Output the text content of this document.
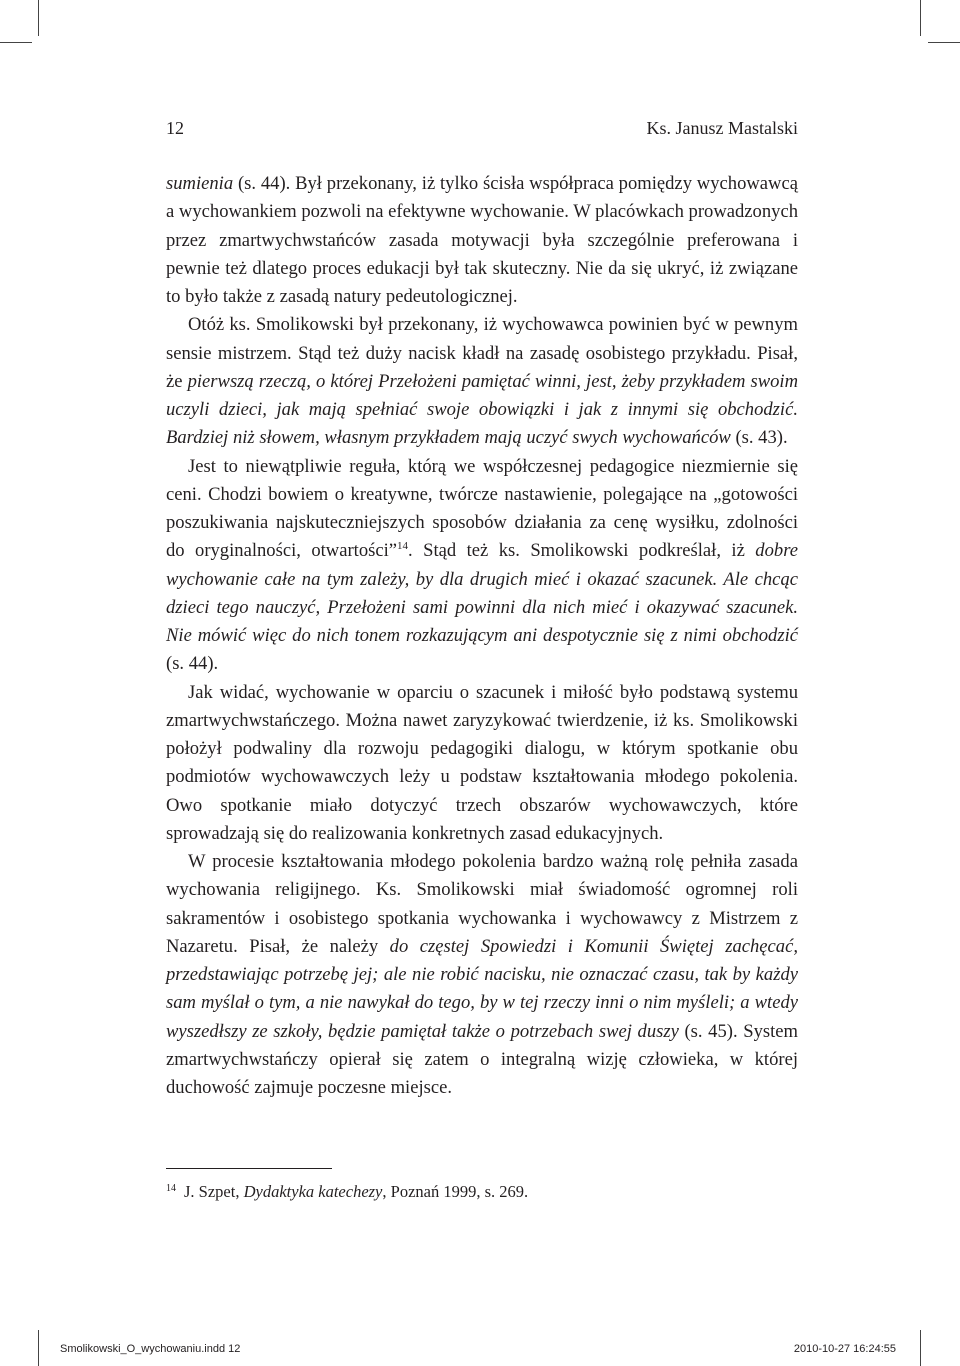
12	Ks. Janusz Mastalski

sumienia (s. 44). Był przekonany, iż tylko ścisła współpraca pomiędzy wychowawcą a wychowankiem pozwoli na efektywne wychowanie. W placówkach prowadzonych przez zmartwychwstańców zasada motywacji była szczególnie preferowana i pewnie też dlatego proces edukacji był tak skuteczny. Nie da się ukryć, iż związane to było także z zasadą natury pedeutologicznej.

Otóż ks. Smolikowski był przekonany, iż wychowawca powinien być w pewnym sensie mistrzem. Stąd też duży nacisk kładł na zasadę osobistego przykładu. Pisał, że pierwszą rzeczą, o której Przełożeni pamiętać winni, jest, żeby przykładem swoim uczyli dzieci, jak mają spełniać swoje obowiązki i jak z innymi się obchodzić. Bardziej niż słowem, własnym przykładem mają uczyć swych wychowańców (s. 43).

Jest to niewątpliwie reguła, którą we współczesnej pedagogice niezmiernie się ceni. Chodzi bowiem o kreatywne, twórcze nastawienie, polegające na „gotowości poszukiwania najskuteczniejszych sposobów działania za cenę wysiłku, zdolności do oryginalności, otwartości”$^{14}$. Stąd też ks. Smolikowski podkreślał, iż dobre wychowanie całe na tym zależy, by dla drugich mieć i okazać szacunek. Ale chcąc dzieci tego nauczyć, Przełożeni sami powinni dla nich mieć i okazywać szacunek. Nie mówić więc do nich tonem rozkazującym ani despotycznie się z nimi obchodzić (s. 44).

Jak widać, wychowanie w oparciu o szacunek i miłość było podstawą systemu zmartwychwstańczego. Można nawet zaryzykować twierdzenie, iż ks. Smolikowski położył podwaliny dla rozwoju pedagogiki dialogu, w którym spotkanie obu podmiotów wychowawczych leży u podstaw kształtowania młodego pokolenia. Owo spotkanie miało dotyczyć trzech obszarów wychowawczych, które sprowadzają się do realizowania konkretnych zasad edukacyjnych.

W procesie kształtowania młodego pokolenia bardzo ważną rolę pełniła zasada wychowania religijnego. Ks. Smolikowski miał świadomość ogromnej roli sakramentów i osobistego spotkania wychowanka i wychowawcy z Mistrzem z Nazaretu. Pisał, że należy do częstej Spowiedzi i Komunii Świętej zachęcać, przedstawiając potrzebę jej; ale nie robić nacisku, nie oznaczać czasu, tak by każdy sam myślał o tym, a nie nawykał do tego, by w tej rzeczy inni o nim myśleli; a wtedy wyszedłszy ze szkoły, będzie pamiętał także o potrzebach swej duszy (s. 45). System zmartwychwstańczy opierał się zatem o integralną wizję człowieka, w której duchowość zajmuje poczesne miejsce.

$^{14}$ J. Szpet, Dydaktyka katechezy, Poznań 1999, s. 269.
Smolikowski_O_wychowaniu.indd 12	2010-10-27 16:24:55
